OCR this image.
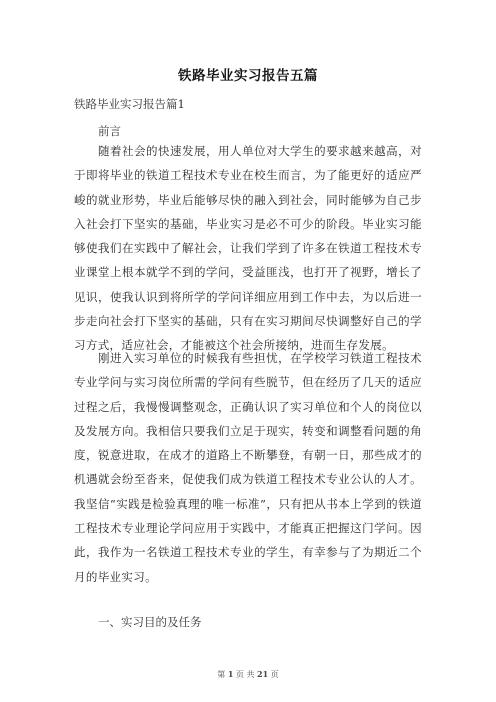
铁路毕业实习报告五篇
铁路毕业实习报告篇1
前言

随着社会的快速发展，用人单位对大学生的要求越来越高，对于即将毕业的铁道工程技术专业在校生而言，为了能更好的适应严峻的就业形势，毕业后能够尽快的融入到社会，同时能够为自己步入社会打下坚实的基础，毕业实习是必不可少的阶段。毕业实习能够使我们在实践中了解社会，让我们学到了许多在铁道工程技术专业课堂上根本就学不到的学问，受益匪浅，也打开了视野，增长了见识，使我认识到将所学的学问详细应用到工作中去，为以后进一步走向社会打下坚实的基础，只有在实习期间尽快调整好自己的学习方式，适应社会，才能被这个社会所接纳，进而生存发展。

刚进入实习单位的时候我有些担忧，在学校学习铁道工程技术专业学问与实习岗位所需的学问有些脱节，但在经历了几天的适应过程之后，我慢慢调整观念，正确认识了实习单位和个人的岗位以及发展方向。我相信只要我们立足于现实，转变和调整看问题的角度，锐意进取，在成才的道路上不断攀登，有朝一日，那些成才的机遇就会纷至沓来，促使我们成为铁道工程技术专业公认的人才。我坚信“实践是检验真理的唯一标准”，只有把从书本上学到的铁道工程技术专业理论学问应用于实践中，才能真正把握这门学问。因此，我作为一名铁道工程技术专业的学生，有幸参与了为期近二个月的毕业实习。

一、实习目的及任务
第 1 页 共 21 页
